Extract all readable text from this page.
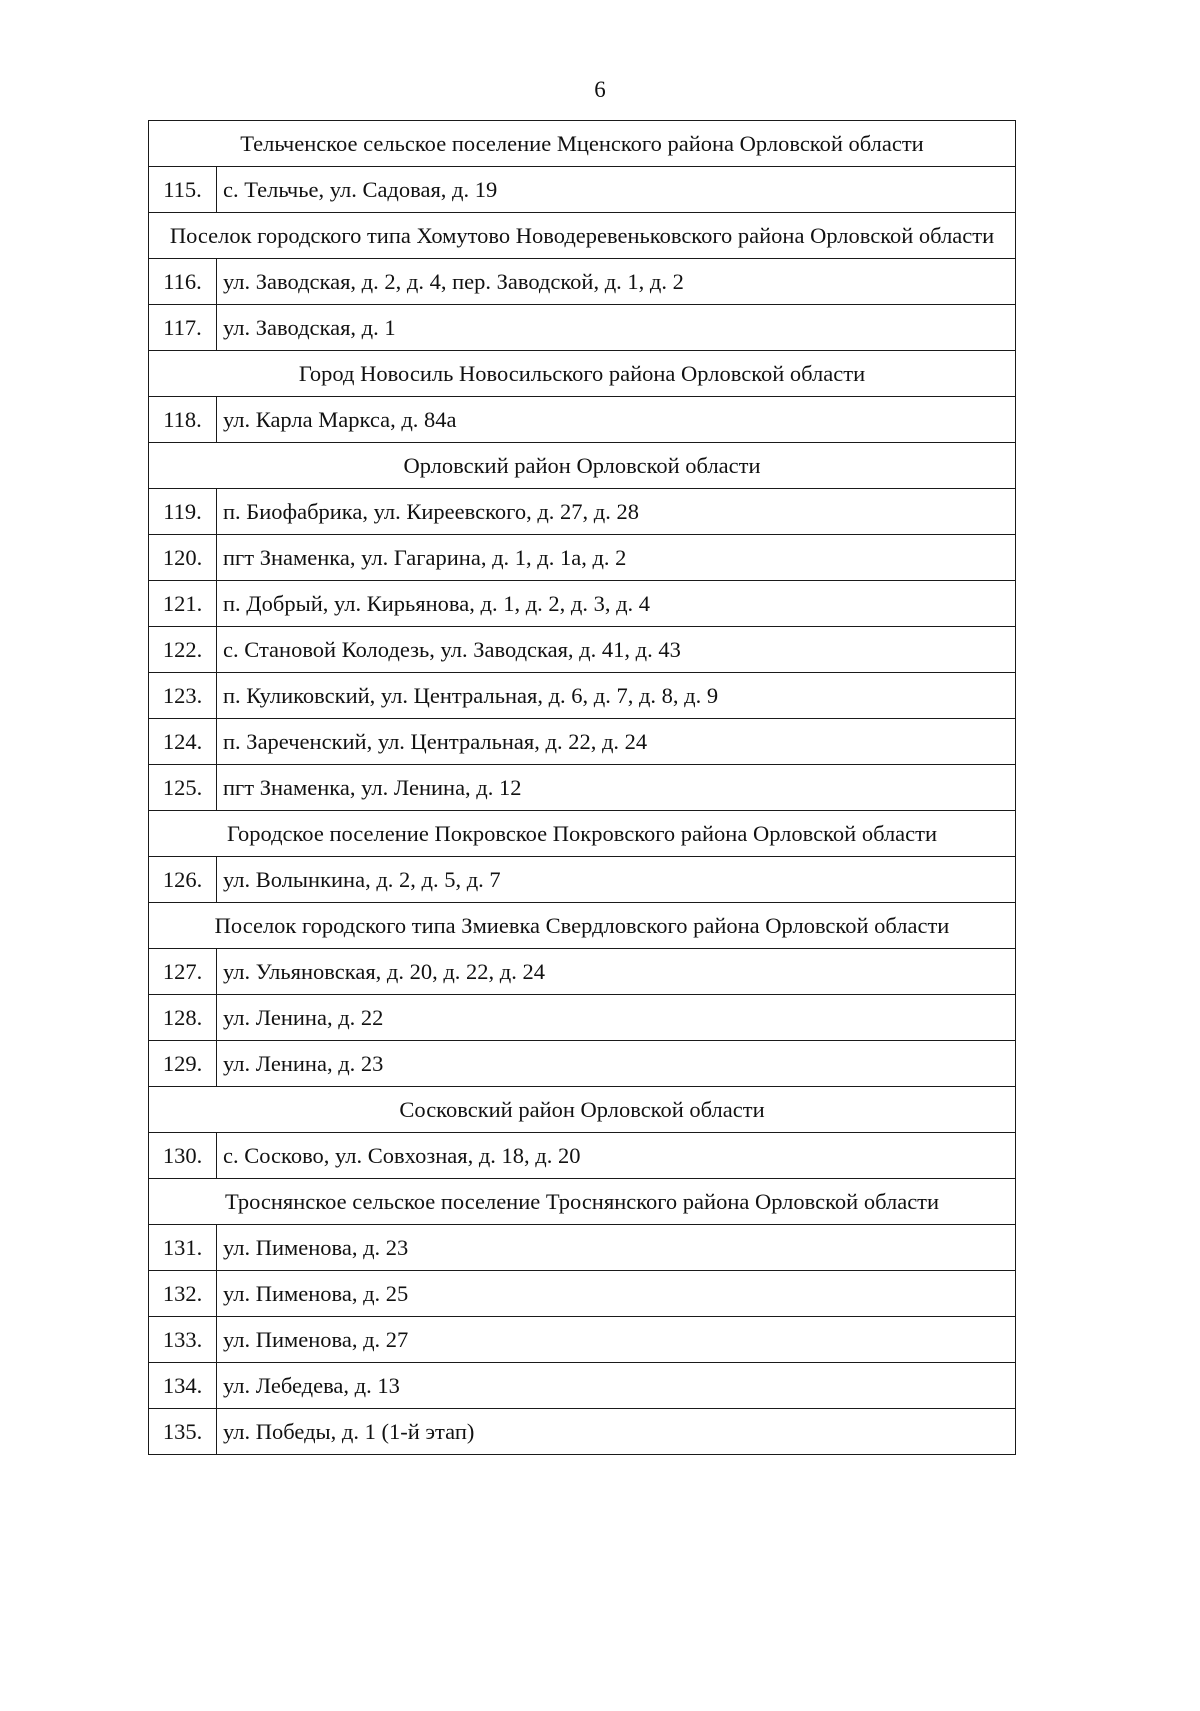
6
Тельченское сельское поселение Мценского района Орловской области	
115.	с. Тельчье, ул. Садовая, д. 19
Поселок городского типа Хомутово Новодеревеньковского района Орловской области	
116.	ул. Заводская, д. 2, д. 4, пер. Заводской, д. 1, д. 2
117.	ул. Заводская, д. 1
Город Новосиль Новосильского района Орловской области	
118.	ул. Карла Маркса, д. 84а
Орловский район Орловской области	
119.	п. Биофабрика, ул. Киреевского, д. 27, д. 28
120.	пгт Знаменка, ул. Гагарина, д. 1, д. 1а, д. 2
121.	п. Добрый, ул. Кирьянова, д. 1, д. 2, д. 3, д. 4
122.	с. Становой Колодезь, ул. Заводская, д. 41, д. 43
123.	п. Куликовский, ул. Центральная, д. 6, д. 7, д. 8, д. 9
124.	п. Зареченский, ул. Центральная, д. 22, д. 24
125.	пгт Знаменка, ул. Ленина, д. 12
Городское поселение Покровское Покровского района Орловской области	
126.	ул. Волынкина, д. 2, д. 5, д. 7
Поселок городского типа Змиевка Свердловского района Орловской области	
127.	ул. Ульяновская, д. 20, д. 22, д. 24
128.	ул. Ленина, д. 22
129.	ул. Ленина, д. 23
Сосковский район Орловской области	
130.	с. Сосково, ул. Совхозная, д. 18, д. 20
Троснянское сельское поселение Троснянского района Орловской области	
131.	ул. Пименова, д. 23
132.	ул. Пименова, д. 25
133.	ул. Пименова, д. 27
134.	ул. Лебедева, д. 13
135.	ул. Победы, д. 1 (1-й этап)
